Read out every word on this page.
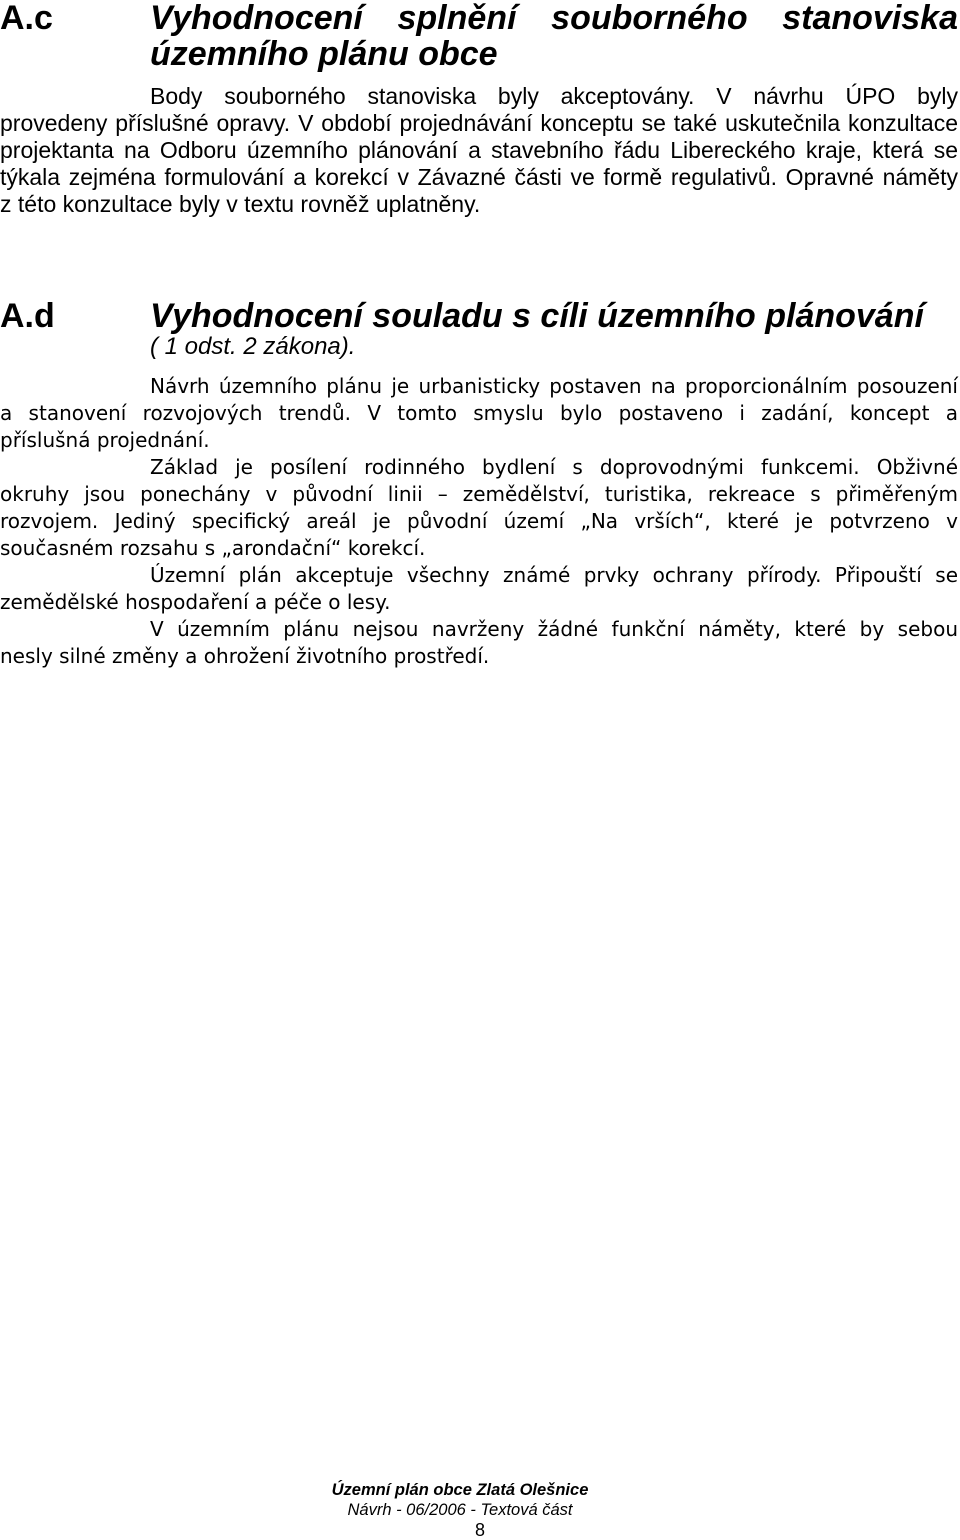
A.c	Vyhodnocení splnění souborného stanoviska
územního plánu obce
Body souborného stanoviska byly akceptovány. V návrhu ÚPO byly
provedeny příslušné opravy. V období projednávání konceptu se také uskutečnila konzultace
projektanta na Odboru územního plánování a stavebního řádu Libereckého kraje, která se
týkala zejména formulování a korekcí v Závazné části ve formě regulativů. Opravné náměty
z této konzultace byly v textu rovněž uplatněny.
A.d	Vyhodnocení souladu s cíli územního plánování
( 1 odst. 2 zákona).
Návrh územního plánu je urbanisticky postaven na proporcionálním posouzení
a stanovení rozvojových trendů. V tomto smyslu bylo postaveno i zadání, koncept a
příslušná projednání.
Základ je posílení rodinného bydlení s doprovodnými funkcemi. Obživné
okruhy jsou ponechány v původní linii – zemědělství, turistika, rekreace s přiměřeným
rozvojem. Jediný specifický areál je původní území „Na vrších“, které je potvrzeno v
současném rozsahu s „arondační“ korekcí.
Územní plán akceptuje všechny známé prvky ochrany přírody. Připouští se
zemědělské hospodaření a péče o lesy.
V územním plánu nejsou navrženy žádné funkční náměty, které by sebou
nesly silné změny a ohrožení životního prostředí.
Územní plán obce Zlatá Olešnice
Návrh - 06/2006 - Textová část
8
